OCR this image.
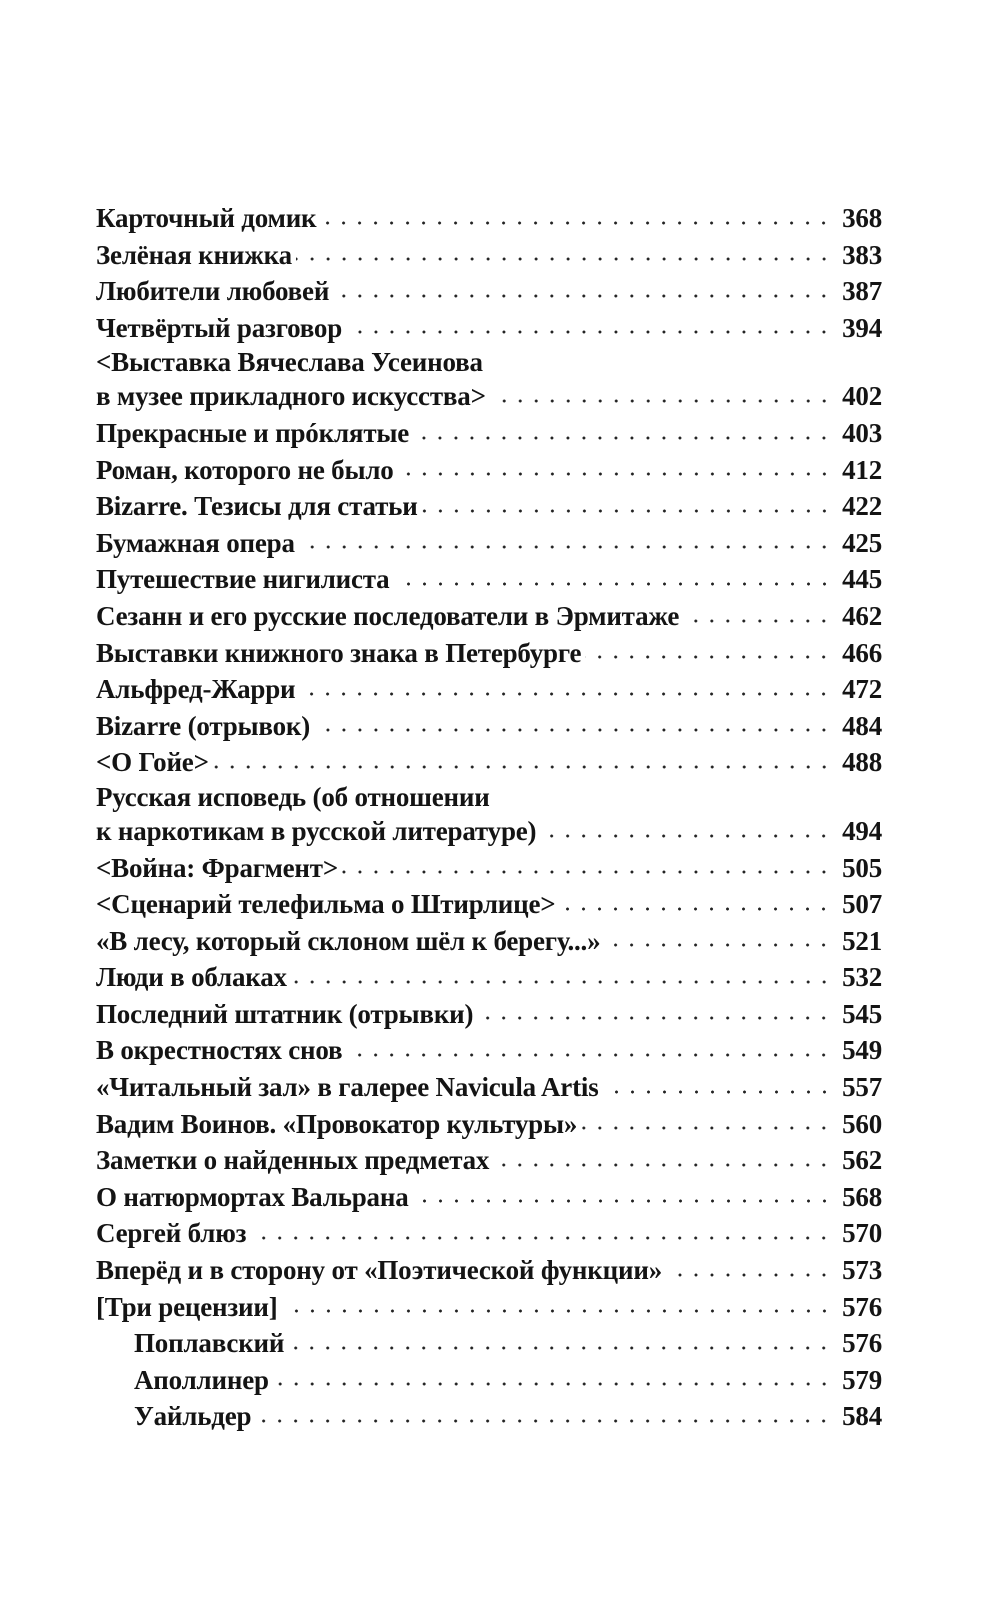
Карточный домик	368
Зелёная книжка	383
Любители любовей	387
Четвёртый разговор	394
<Выставка Вячеслава Усеинова
в музее прикладного искусства>	402
Прекрасные и прóклятые	403
Роман, которого не было	412
Bizarre. Тезисы для статьи	422
Бумажная опера	425
Путешествие нигилиста	445
Сезанн и его русские последователи в Эрмитаже	462
Выставки книжного знака в Петербурге	466
Альфред-Жарри	472
Bizarre (отрывок)	484
<О Гойе>	488
Русская исповедь (об отношении
к наркотикам в русской литературе)	494
<Война: Фрагмент>	505
<Сценарий телефильма о Штирлице>	507
«В лесу, который склоном шёл к берегу...»	521
Люди в облаках	532
Последний штатник (отрывки)	545
В окрестностях снов	549
«Читальный зал» в галерее Navicula Artis	557
Вадим Воинов. «Провокатор культуры»	560
Заметки о найденных предметах	562
О натюрмортах Вальрана	568
Сергей блюз	570
Вперёд и в сторону от «Поэтической функции»	573
[Три рецензии]	576
Поплавский	576
Аполлинер	579
Уайльдер	584
